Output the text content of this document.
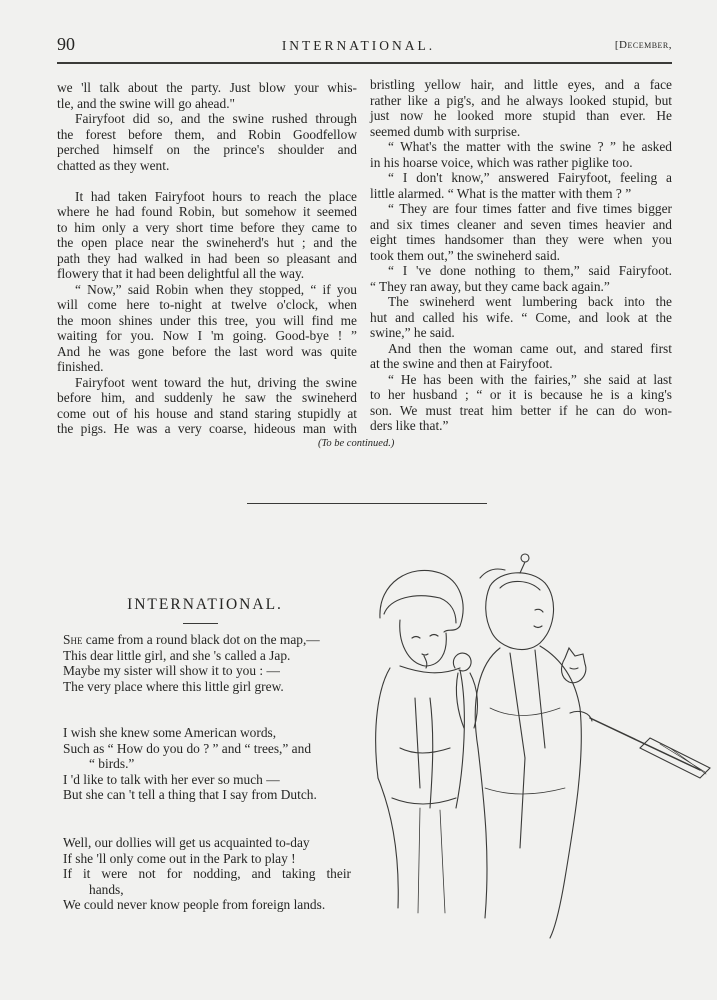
90	INTERNATIONAL.	[December,
we 'll talk about the party. Just blow your whis-
tle, and the swine will go ahead."
Fairyfoot did so, and the swine rushed through
the forest before them, and Robin Goodfellow
perched himself on the prince's shoulder and
chatted as they went.
It had taken Fairyfoot hours to reach the place
where he had found Robin, but somehow it seemed
to him only a very short time before they came to
the open place near the swineherd's hut ; and the
path they had walked in had been so pleasant and
flowery that it had been delightful all the way.
“ Now,” said Robin when they stopped, “ if you
will come here to-night at twelve o'clock, when
the moon shines under this tree, you will find me
waiting for you. Now I 'm going. Good-bye ! ”
And he was gone before the last word was quite
finished.
Fairyfoot went toward the hut, driving the swine
before him, and suddenly he saw the swineherd
come out of his house and stand staring stupidly at
the pigs. He was a very coarse, hideous man with
bristling yellow hair, and little eyes, and a face
rather like a pig's, and he always looked stupid, but
just now he looked more stupid than ever. He
seemed dumb with surprise.
“ What's the matter with the swine ? ” he asked
in his hoarse voice, which was rather piglike too.
“ I don't know,” answered Fairyfoot, feeling a
little alarmed. “ What is the matter with them ? ”
“ They are four times fatter and five times bigger
and six times cleaner and seven times heavier and
eight times handsomer than they were when you
took them out,” the swineherd said.
“ I 've done nothing to them,” said Fairyfoot.
“ They ran away, but they came back again.”
The swineherd went lumbering back into the
hut and called his wife. “ Come, and look at the
swine,” he said.
And then the woman came out, and stared first
at the swine and then at Fairyfoot.
“ He has been with the fairies,” she said at last
to her husband ; “ or it is because he is a king's
son. We must treat him better if he can do won-
ders like that.”
(To be continued.)
INTERNATIONAL.
She came from a round black dot on the map,—
This dear little girl, and she 's called a Jap.
Maybe my sister will show it to you : —
The very place where this little girl grew.
I wish she knew some American words,
Such as “ How do you do ? ” and “ trees,” and
“ birds.”
I 'd like to talk with her ever so much —
But she can 't tell a thing that I say from Dutch.
Well, our dollies will get us acquainted to-day
If she 'll only come out in the Park to play !
If it were not for nodding, and taking their
hands,
We could never know people from foreign lands.
